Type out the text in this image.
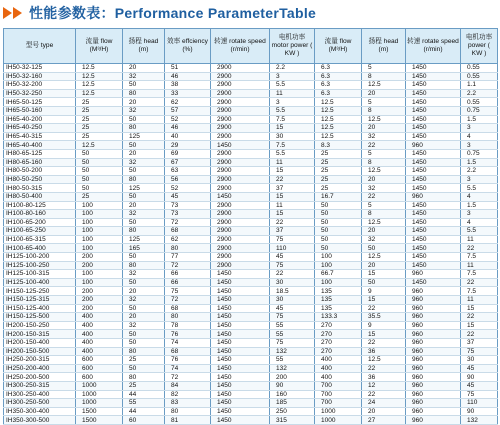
性能参数表：Performance ParameterTable
型号 type	流量 flow (M³/H)	扬程 head (m)	效率 effciency (%)	转速 rotate speed (r/min)	电机功率motor power ( KW )	流量 flow (M³/H)	扬程 head (m)	转速 rotate speed (r/min)	电机功率 power ( KW )
IH50-32-125	12.5	20	51	2900	2.2	6.3	5	1450	0.55
IH50-32-160	12.5	32	46	2900	3	6.3	8	1450	0.55
IH50-32-200	12.5	50	38	2900	5.5	6.3	12.5	1450	1.1
IH50-32-250	12.5	80	33	2900	11	6.3	20	1450	2.2
IH65-50-125	25	20	62	2900	3	12.5	5	1450	0.55
IH65-50-160	25	32	57	2900	5.5	12.5	8	1450	0.75
IH65-40-200	25	50	52	2900	7.5	12.5	12.5	1450	1.5
IH65-40-250	25	80	46	2900	15	12.5	20	1450	3
IH65-40-315	25	125	40	2900	30	12.5	32	1450	4
IH65-40-400	12.5	50	29	1450	7.5	8.3	22	960	3
IH80-65-125	50	20	69	2900	5.5	25	5	1450	0.75
IH80-65-160	50	32	67	2900	11	25	8	1450	1.5
IH80-50-200	50	50	63	2900	15	25	12.5	1450	2.2
IH80-50-250	50	80	56	2900	22	25	20	1450	3
IH80-50-315	50	125	52	2900	37	25	32	1450	5.5
IH80-50-400	25	50	45	1450	15	16.7	22	960	4
IH100-80-125	100	20	73	2900	11	50	5	1450	1.5
IH100-80-160	100	32	73	2900	15	50	8	1450	3
IH100-65-200	100	50	72	2900	22	50	12.5	1450	4
IH100-65-250	100	80	68	2900	37	50	20	1450	5.5
IH100-65-315	100	125	62	2900	75	50	32	1450	11
IH100-65-400	100	165	80	2900	110	50	50	1450	22
IH125-100-200	200	50	77	2900	45	100	12.5	1450	7.5
IH125-100-250	200	80	72	2900	75	100	20	1450	11
IH125-100-315	100	32	66	1450	22	66.7	15	960	7.5
IH125-100-400	100	50	66	1450	30	100	50	1450	22
IH150-125-250	200	20	75	1450	18.5	135	9	960	7.5
IH150-125-315	200	32	72	1450	30	135	15	960	11
IH150-125-400	200	50	68	1450	45	135	22	960	15
IH150-125-500	400	20	80	1450	75	133.3	35.5	960	22
IH200-150-250	400	32	78	1450	55	270	9	960	15
IH200-150-315	400	50	76	1450	55	270	15	960	22
IH200-150-400	400	50	74	1450	75	270	22	960	37
IH200-150-500	400	80	68	1450	132	270	36	960	75
IH250-200-315	600	25	76	1450	55	400	12.5	960	30
IH250-200-400	600	50	74	1450	132	400	22	960	45
IH250-200-500	600	80	72	1450	200	400	36	960	90
IH300-250-315	1000	25	84	1450	90	700	12	960	45
IH300-250-400	1000	44	82	1450	160	700	22	960	75
IH300-250-500	1000	55	83	1450	185	700	24	960	110
IH350-300-400	1500	44	80	1450	250	1000	20	960	90
IH350-300-500	1500	60	81	1450	315	1000	27	960	132
